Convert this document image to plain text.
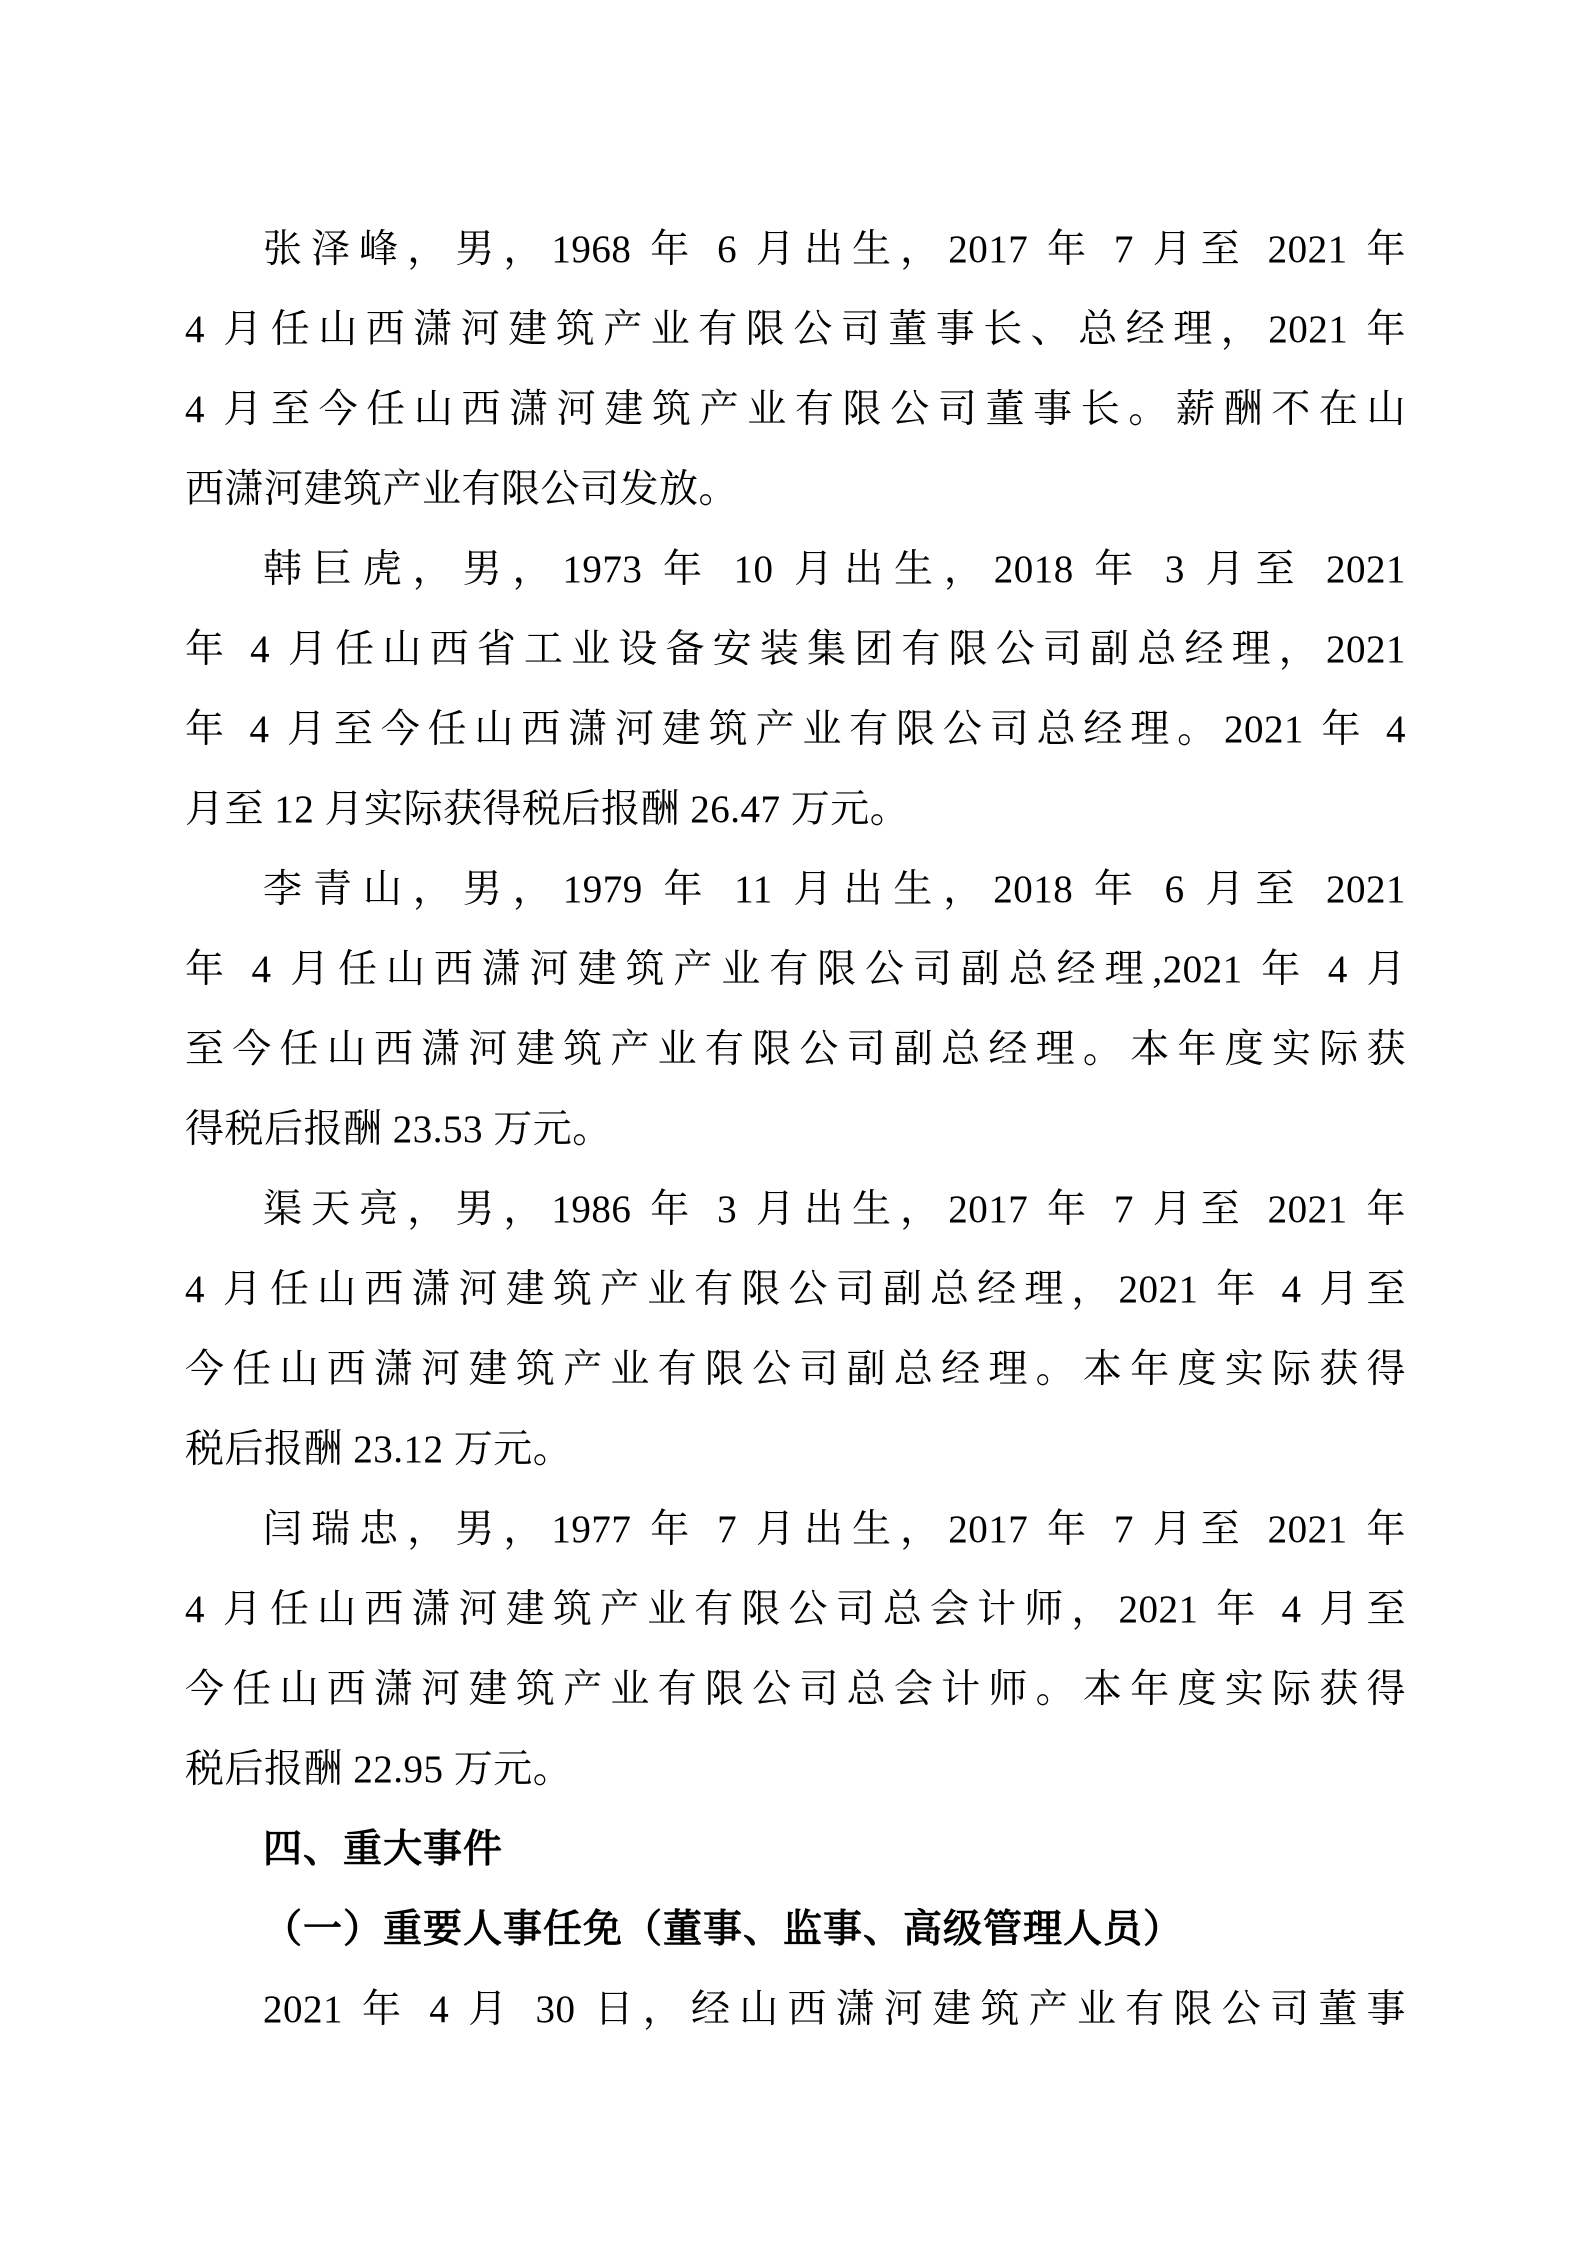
张泽峰，男，1968 年 6 月出生，2017 年 7 月至 2021 年
4 月任山西潇河建筑产业有限公司董事长、总经理，2021 年
4 月至今任山西潇河建筑产业有限公司董事长。薪酬不在山
西潇河建筑产业有限公司发放。
韩巨虎，男，1973 年 10 月出生，2018 年 3 月至 2021
年 4 月任山西省工业设备安装集团有限公司副总经理，2021
年 4 月至今任山西潇河建筑产业有限公司总经理。2021 年 4
月至 12 月实际获得税后报酬 26.47 万元。
李青山，男，1979 年 11 月出生，2018 年 6 月至 2021
年 4 月任山西潇河建筑产业有限公司副总经理,2021 年 4 月
至今任山西潇河建筑产业有限公司副总经理。本年度实际获
得税后报酬 23.53 万元。
渠天亮，男，1986 年 3 月出生，2017 年 7 月至 2021 年
4 月任山西潇河建筑产业有限公司副总经理，2021 年 4 月至
今任山西潇河建筑产业有限公司副总经理。本年度实际获得
税后报酬 23.12 万元。
闫瑞忠，男，1977 年 7 月出生，2017 年 7 月至 2021 年
4 月任山西潇河建筑产业有限公司总会计师，2021 年 4 月至
今任山西潇河建筑产业有限公司总会计师。本年度实际获得
税后报酬 22.95 万元。
四、重大事件
（一）重要人事任免（董事、监事、高级管理人员）
2021 年 4 月 30 日，经山西潇河建筑产业有限公司董事
